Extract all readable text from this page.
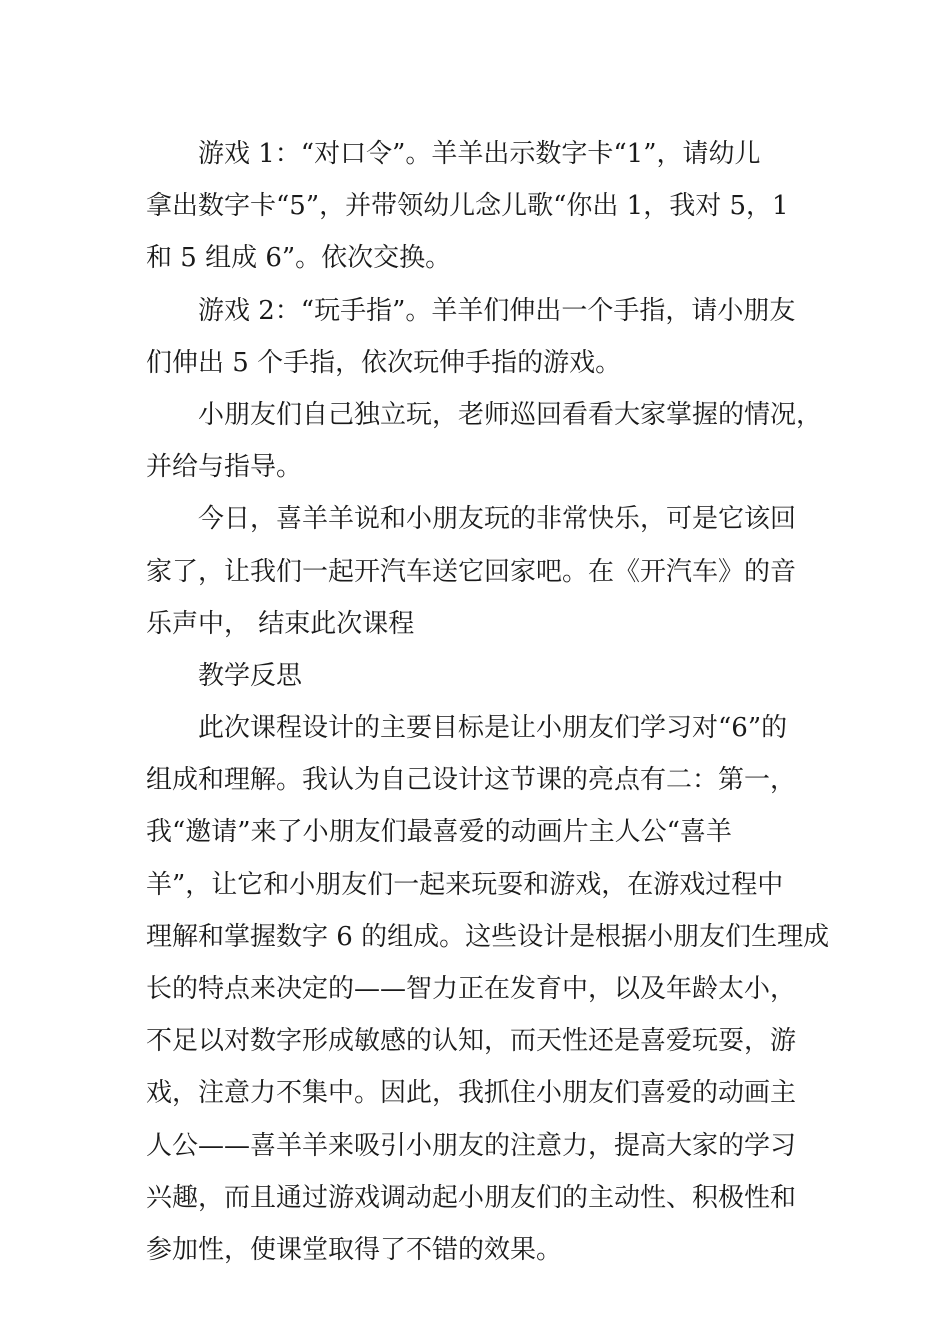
游戏 1：“对口令”。羊羊出示数字卡“1”，请幼儿
拿出数字卡“5”，并带领幼儿念儿歌“你出 1，我对 5，1
和 5 组成 6”。依次交换。
游戏 2：“玩手指”。羊羊们伸出一个手指，请小朋友
们伸出 5 个手指，依次玩伸手指的游戏。
小朋友们自己独立玩，老师巡回看看大家掌握的情况，
并给与指导。
今日，喜羊羊说和小朋友玩的非常快乐，可是它该回
家了，让我们一起开汽车送它回家吧。在《开汽车》的音
乐声中， 结束此次课程
教学反思
此次课程设计的主要目标是让小朋友们学习对“6”的
组成和理解。我认为自己设计这节课的亮点有二：第一，
我“邀请”来了小朋友们最喜爱的动画片主人公“喜羊
羊”，让它和小朋友们一起来玩耍和游戏，在游戏过程中
理解和掌握数字 6 的组成。这些设计是根据小朋友们生理成
长的特点来决定的——智力正在发育中，以及年龄太小，
不足以对数字形成敏感的认知，而天性还是喜爱玩耍，游
戏，注意力不集中。因此，我抓住小朋友们喜爱的动画主
人公——喜羊羊来吸引小朋友的注意力，提高大家的学习
兴趣，而且通过游戏调动起小朋友们的主动性、积极性和
参加性，使课堂取得了不错的效果。
